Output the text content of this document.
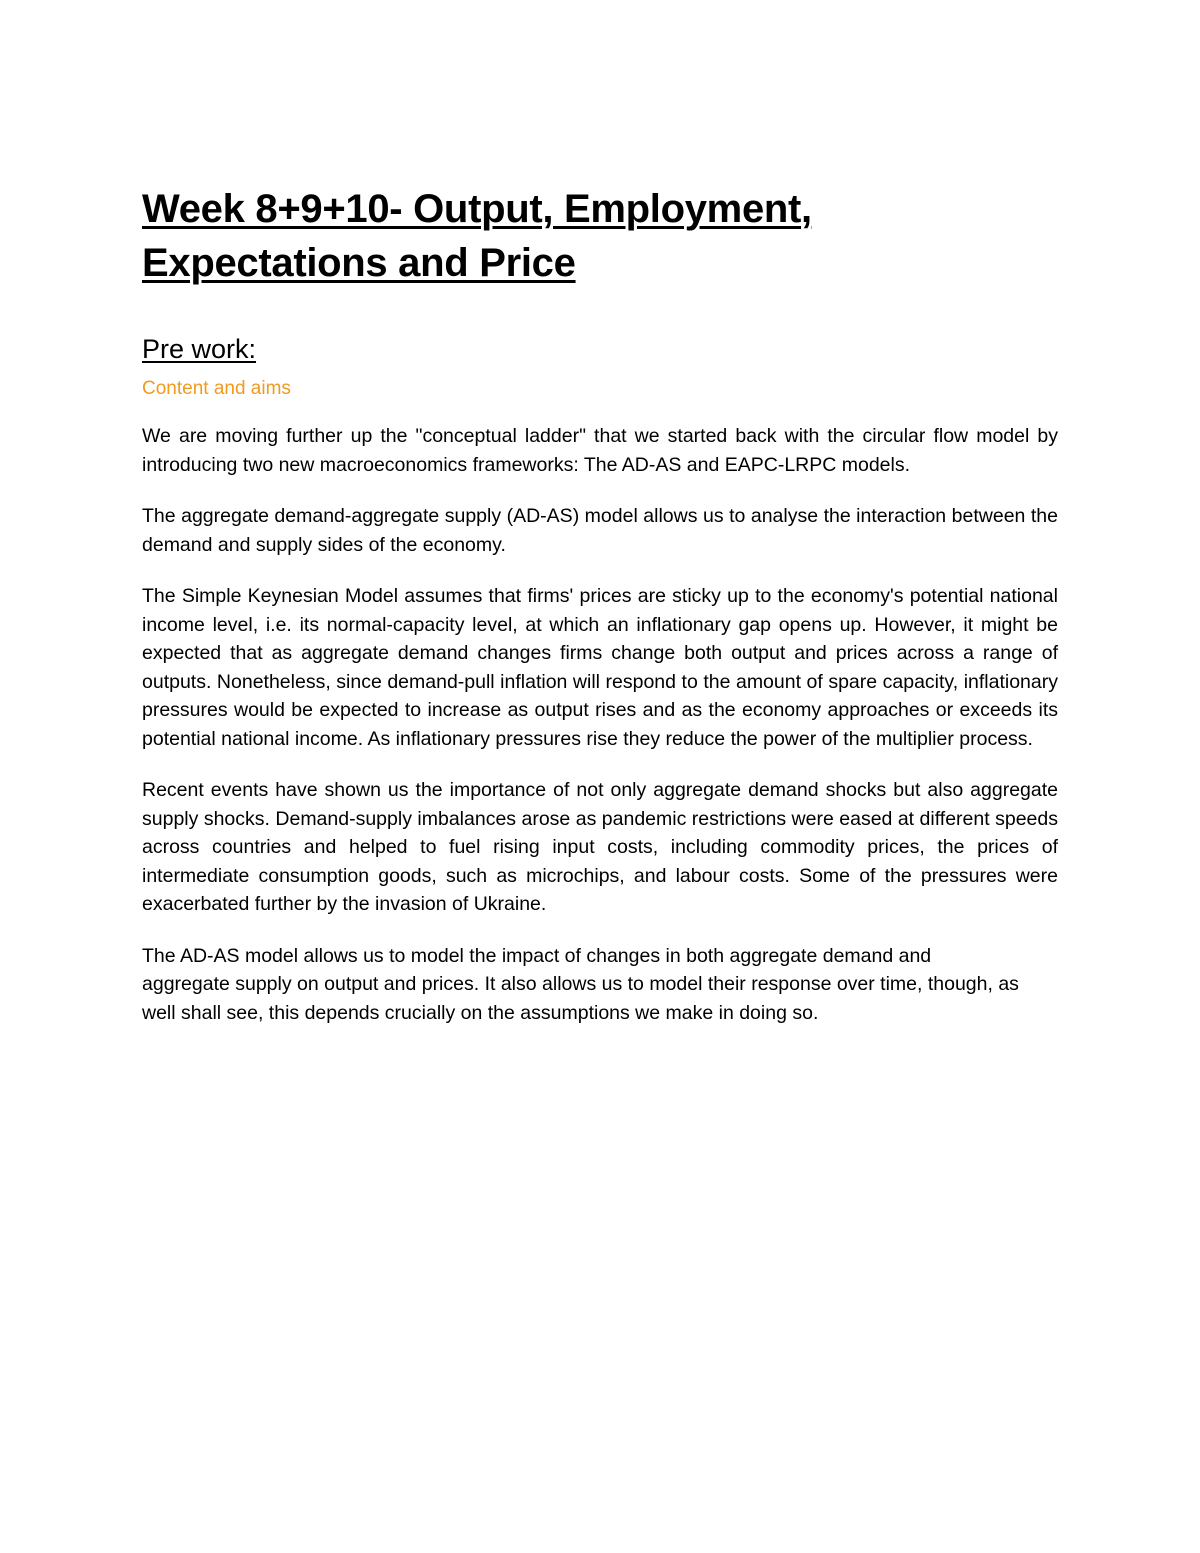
Week 8+9+10- Output, Employment,
Expectations and Price
Pre work:
Content and aims

We are moving further up the "conceptual ladder" that we started back with the circular flow model by introducing two new macroeconomics frameworks: The AD-AS and EAPC-LRPC models.

The aggregate demand-aggregate supply (AD-AS) model allows us to analyse the interaction between the demand and supply sides of the economy.

The Simple Keynesian Model assumes that firms' prices are sticky up to the economy's potential national income level, i.e. its normal-capacity level, at which an inflationary gap opens up. However, it might be expected that as aggregate demand changes firms change both output and prices across a range of outputs. Nonetheless, since demand-pull inflation will respond to the amount of spare capacity, inflationary pressures would be expected to increase as output rises and as the economy approaches or exceeds its potential national income. As inflationary pressures rise they reduce the power of the multiplier process.

Recent events have shown us the importance of not only aggregate demand shocks but also aggregate supply shocks. Demand-supply imbalances arose as pandemic restrictions were eased at different speeds across countries and helped to fuel rising input costs, including commodity prices, the prices of intermediate consumption goods, such as microchips, and labour costs. Some of the pressures were exacerbated further by the invasion of Ukraine.

The AD-AS model allows us to model the impact of changes in both aggregate demand and aggregate supply on output and prices. It also allows us to model their response over time, though, as well shall see, this depends crucially on the assumptions we make in doing so.
